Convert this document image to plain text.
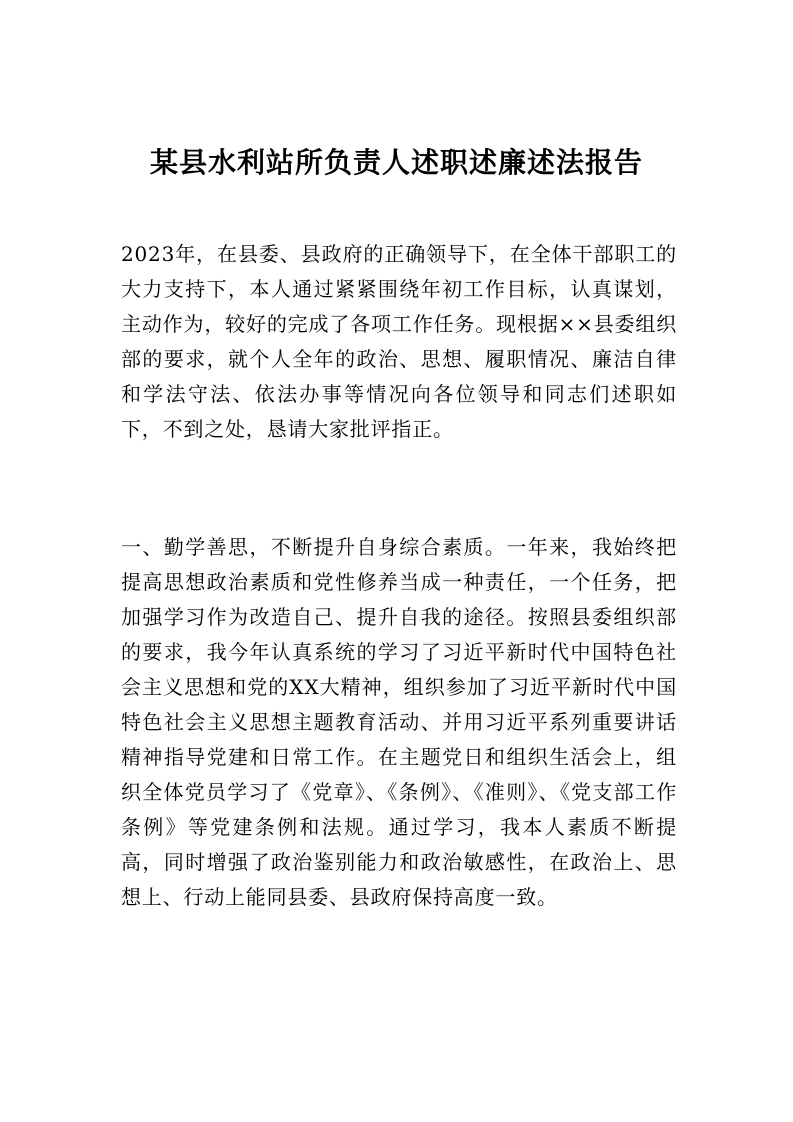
某县水利站所负责人述职述廉述法报告

2023年，在县委、县政府的正确领导下，在全体干部职工的大力支持下，本人通过紧紧围绕年初工作目标，认真谋划，主动作为，较好的完成了各项工作任务。现根据××县委组织部的要求，就个人全年的政治、思想、履职情况、廉洁自律和学法守法、依法办事等情况向各位领导和同志们述职如下，不到之处，恳请大家批评指正。

一、勤学善思，不断提升自身综合素质。一年来，我始终把提高思想政治素质和党性修养当成一种责任，一个任务，把加强学习作为改造自己、提升自我的途径。按照县委组织部的要求，我今年认真系统的学习了习近平新时代中国特色社会主义思想和党的XX大精神，组织参加了习近平新时代中国特色社会主义思想主题教育活动、并用习近平系列重要讲话精神指导党建和日常工作。在主题党日和组织生活会上，组织全体党员学习了《党章》、《条例》、《准则》、《党支部工作条例》等党建条例和法规。通过学习，我本人素质不断提高，同时增强了政治鉴别能力和政治敏感性，在政治上、思想上、行动上能同县委、县政府保持高度一致。
